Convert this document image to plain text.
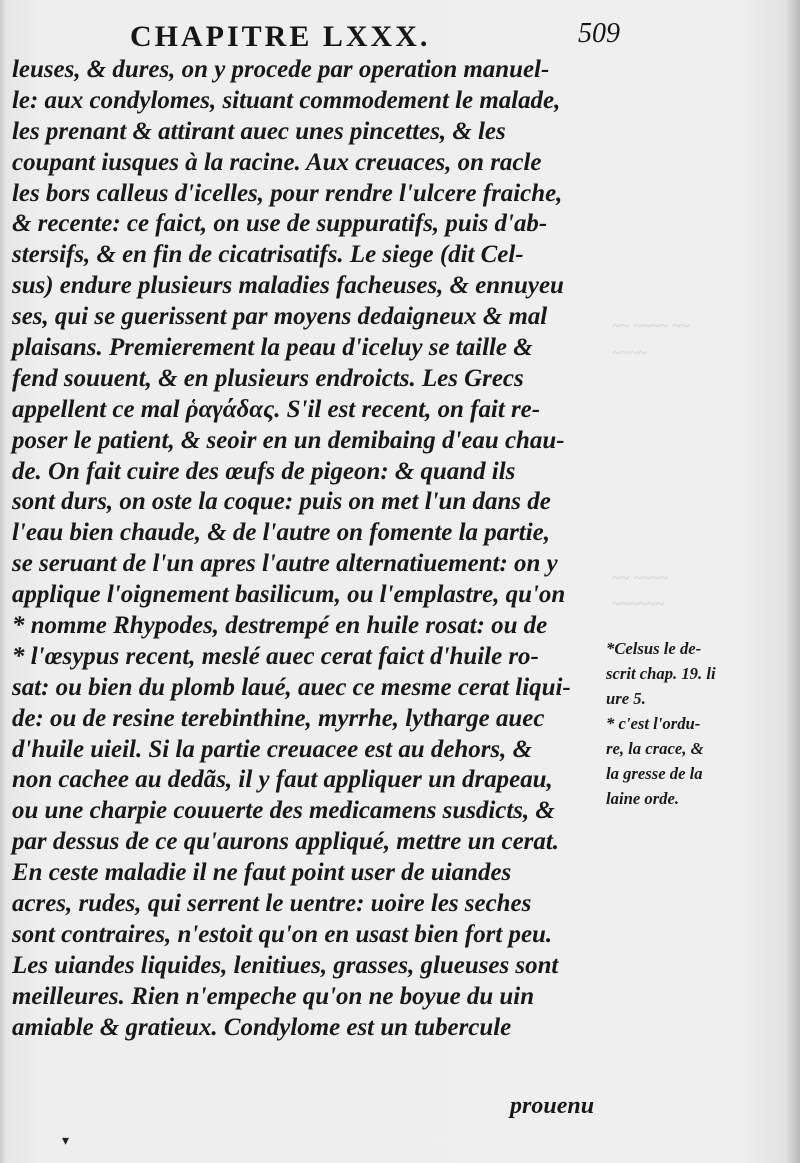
CHAPITRE LXXX.	509
~~ ~~~~ ~~
~~~~
~~ ~~~~
~~~~~~
leuses, & dures, on y procede par operation manuel-
le: aux condylomes, situant commodement le malade,
les prenant & attirant auec unes pincettes, & les
coupant iusques à la racine. Aux creuaces, on racle
les bors calleus d'icelles, pour rendre l'ulcere fraiche,
& recente: ce faict, on use de suppuratifs, puis d'ab-
stersifs, & en fin de cicatrisatifs. Le siege (dit Cel-
sus) endure plusieurs maladies facheuses, & ennuyeu
ses, qui se guerissent par moyens dedaigneux & mal
plaisans. Premierement la peau d'iceluy se taille &
fend souuent, & en plusieurs endroicts. Les Grecs
appellent ce mal ῥαγάδας. S'il est recent, on fait re-
poser le patient, & seoir en un demibaing d'eau chau-
de. On fait cuire des œufs de pigeon: & quand ils
sont durs, on oste la coque: puis on met l'un dans de
l'eau bien chaude, & de l'autre on fomente la partie,
se seruant de l'un apres l'autre alternatiuement: on y
applique l'oignement basilicum, ou l'emplastre, qu'on
* nomme Rhypodes, destrempé en huile rosat: ou de
* l'œsypus recent, meslé auec cerat faict d'huile ro-
sat: ou bien du plomb laué, auec ce mesme cerat liqui-
de: ou de resine terebinthine, myrrhe, lytharge auec
d'huile uieil. Si la partie creuacee est au dehors, &
non cachee au dedãs, il y faut appliquer un drapeau,
ou une charpie couuerte des medicamens susdicts, &
par dessus de ce qu'aurons appliqué, mettre un cerat.
En ceste maladie il ne faut point user de uiandes
acres, rudes, qui serrent le uentre: uoire les seches
sont contraires, n'estoit qu'on en usast bien fort peu.
Les uiandes liquides, lenitiues, grasses, glueuses sont
meilleures. Rien n'empeche qu'on ne boyue du uin
amiable & gratieux. Condylome est un tubercule
prouenu
*Celsus le de-
scrit chap. 19. li
ure 5.
* c'est l'ordu-
re, la crace, &
la gresse de la
laine orde.
▾
